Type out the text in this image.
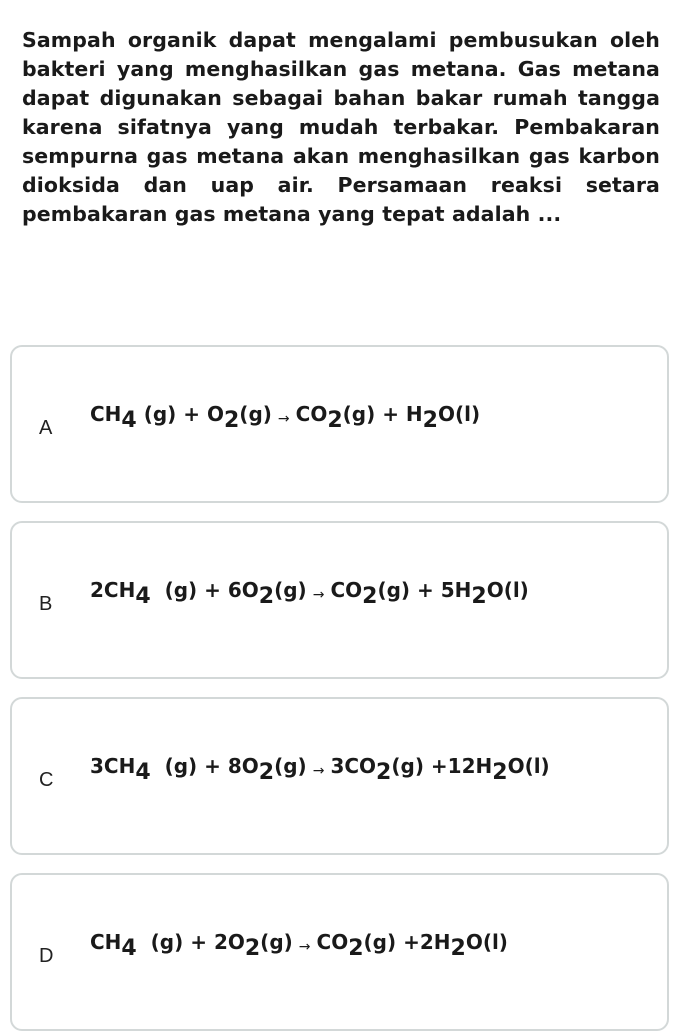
Sampah organik dapat mengalami pembusukan oleh bakteri yang menghasilkan gas metana. Gas metana dapat digunakan sebagai bahan bakar rumah tangga karena sifatnya yang mudah terbakar. Pembakaran sempurna gas metana akan menghasilkan gas karbon dioksida dan uap air. Persamaan reaksi setara pembakaran gas metana yang tepat adalah ...
A
CH4 (g) + O2(g) → CO2(g) + H2O(l)
B
2CH4  (g) + 6O2(g) → CO2(g) + 5H2O(l)
C
3CH4  (g) + 8O2(g) → 3CO2(g) +12H2O(l)
D
CH4  (g) + 2O2(g) → CO2(g) +2H2O(l)
